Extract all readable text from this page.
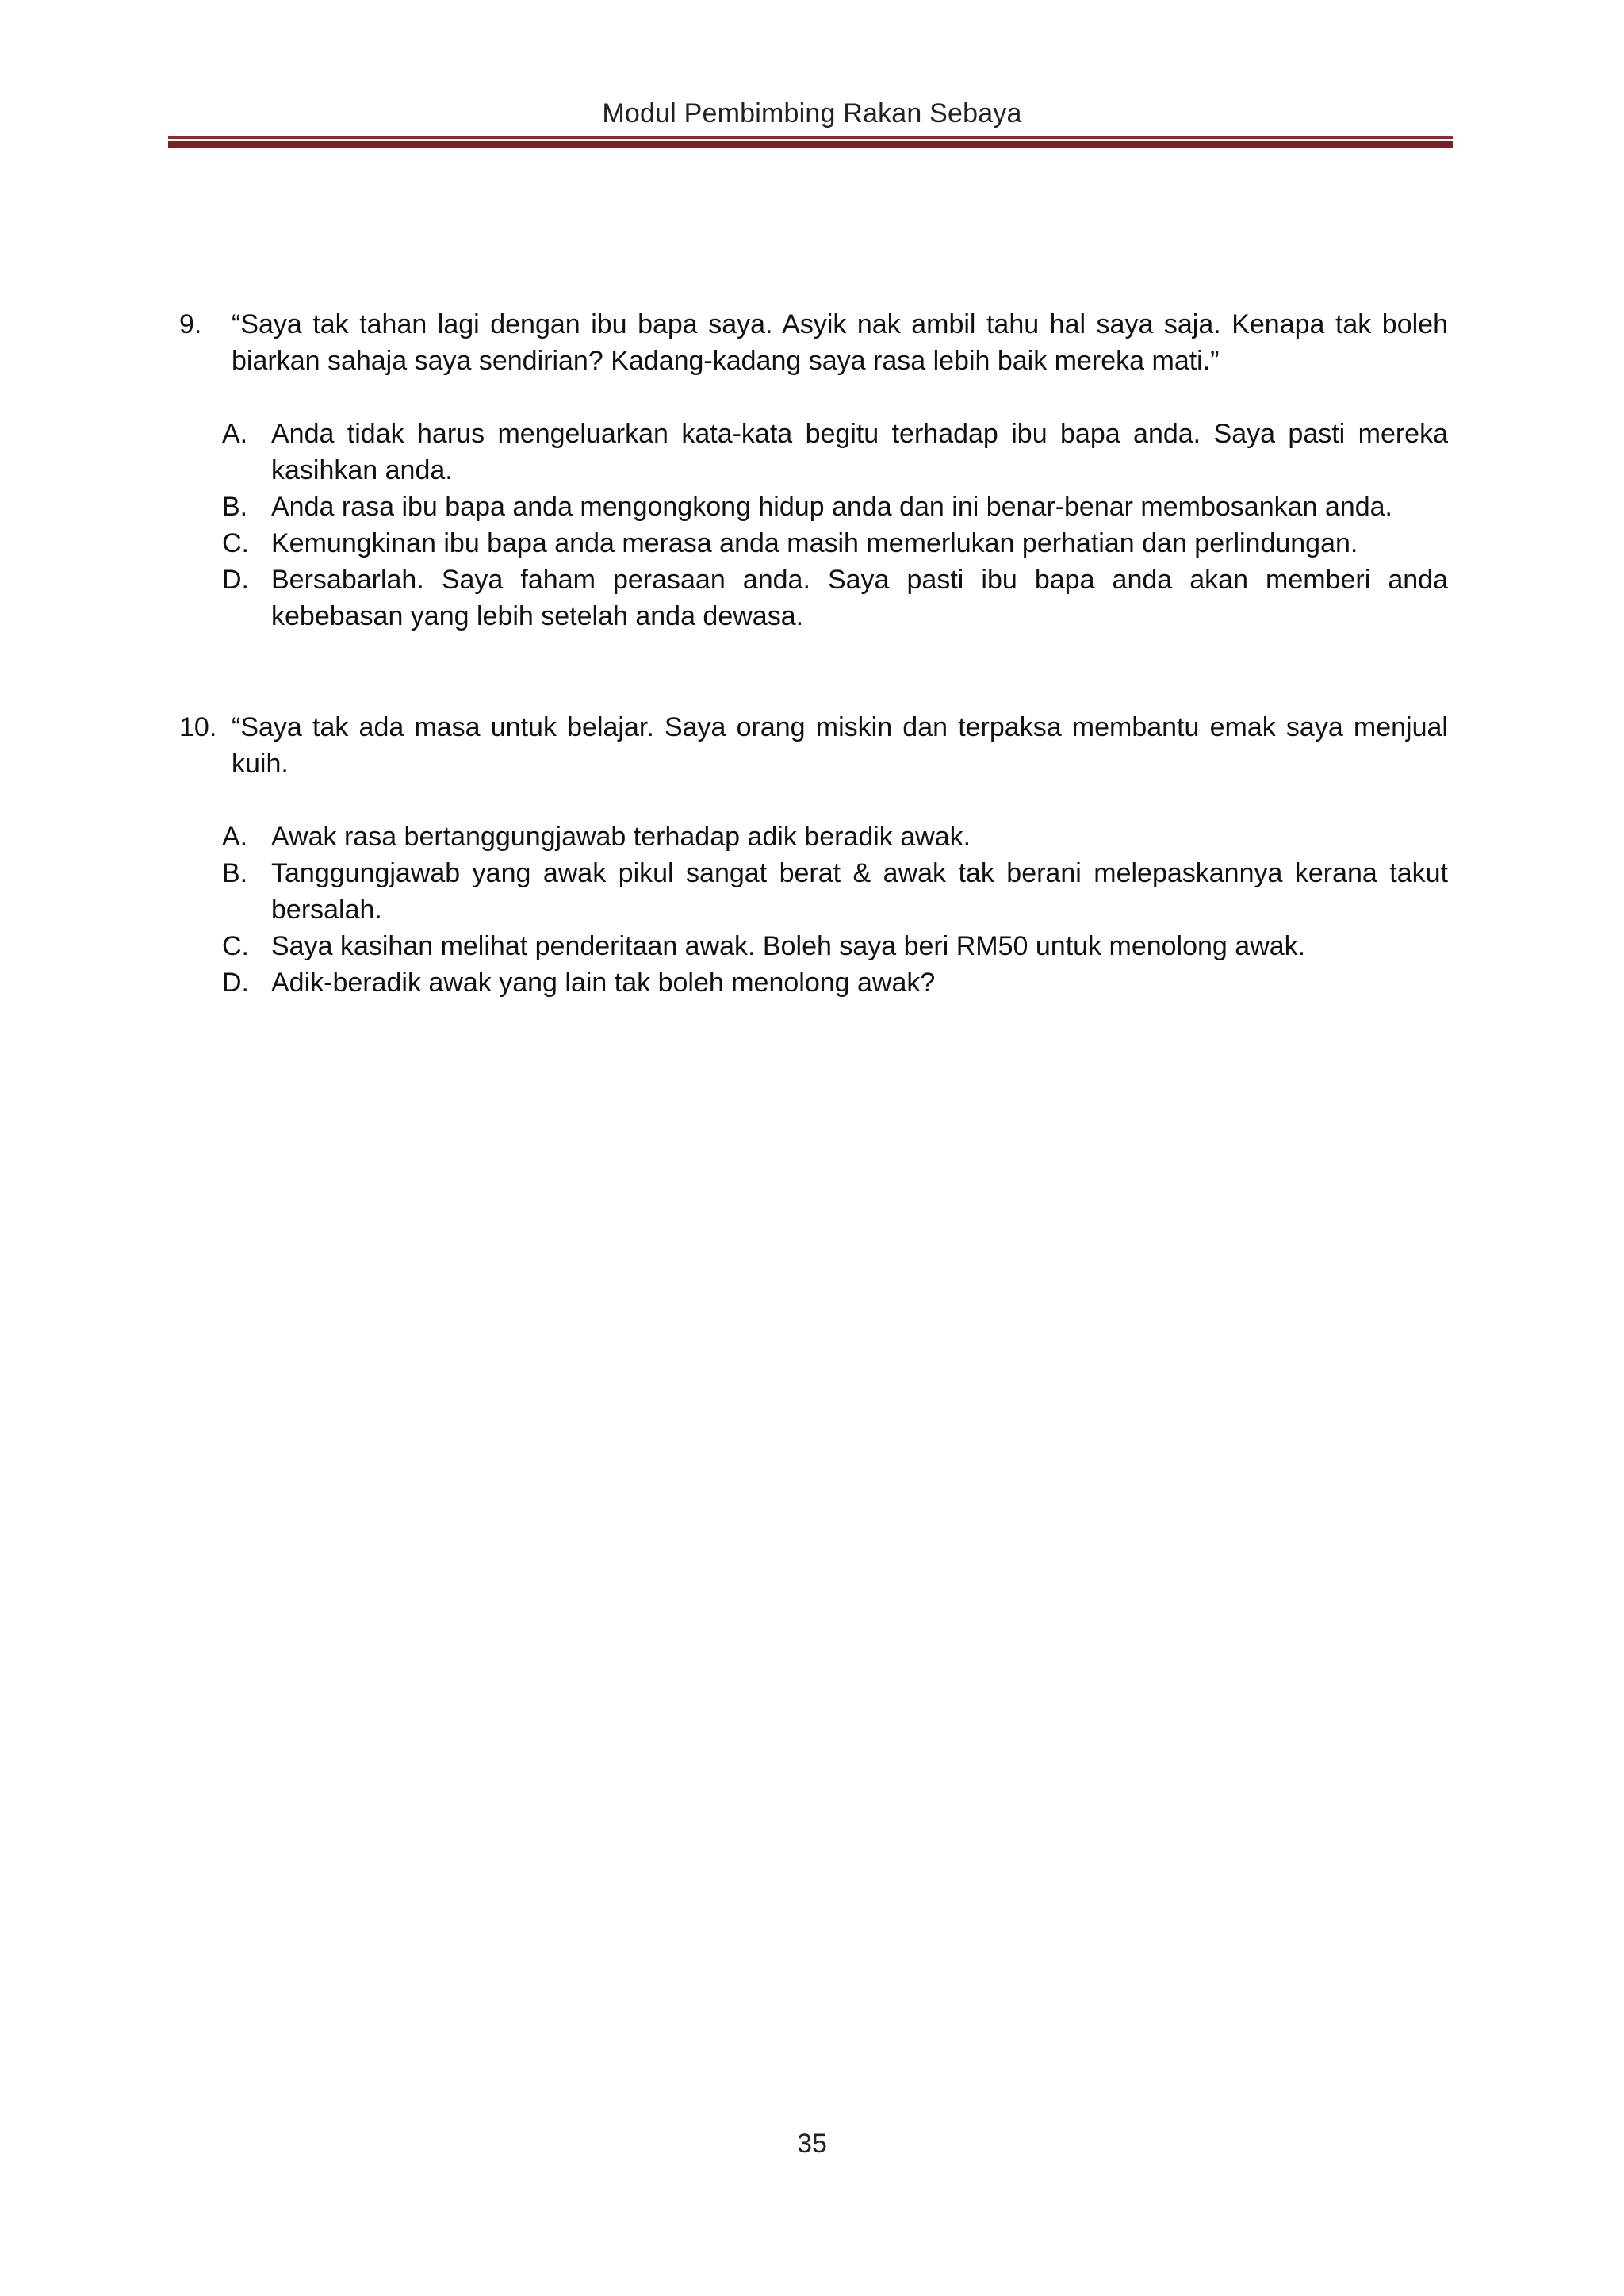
Modul Pembimbing Rakan Sebaya
9. “Saya tak tahan lagi dengan ibu bapa saya. Asyik nak ambil tahu hal saya saja. Kenapa tak boleh biarkan sahaja saya sendirian? Kadang-kadang saya rasa lebih baik mereka mati.”
A. Anda tidak harus mengeluarkan kata-kata begitu terhadap ibu bapa anda. Saya pasti mereka kasihkan anda.
B. Anda rasa ibu bapa anda mengongkong hidup anda dan ini benar-benar membosankan anda.
C. Kemungkinan ibu bapa anda merasa anda masih memerlukan perhatian dan perlindungan.
D. Bersabarlah. Saya faham perasaan anda. Saya pasti ibu bapa anda akan memberi anda kebebasan yang lebih setelah anda dewasa.
10. “Saya tak ada masa untuk belajar. Saya orang miskin dan terpaksa membantu emak saya menjual kuih.
A. Awak rasa bertanggungjawab terhadap adik beradik awak.
B. Tanggungjawab yang awak pikul sangat berat & awak tak berani melepaskannya kerana takut bersalah.
C. Saya kasihan melihat penderitaan awak. Boleh saya beri RM50 untuk menolong awak.
D. Adik-beradik awak yang lain tak boleh menolong awak?
35
